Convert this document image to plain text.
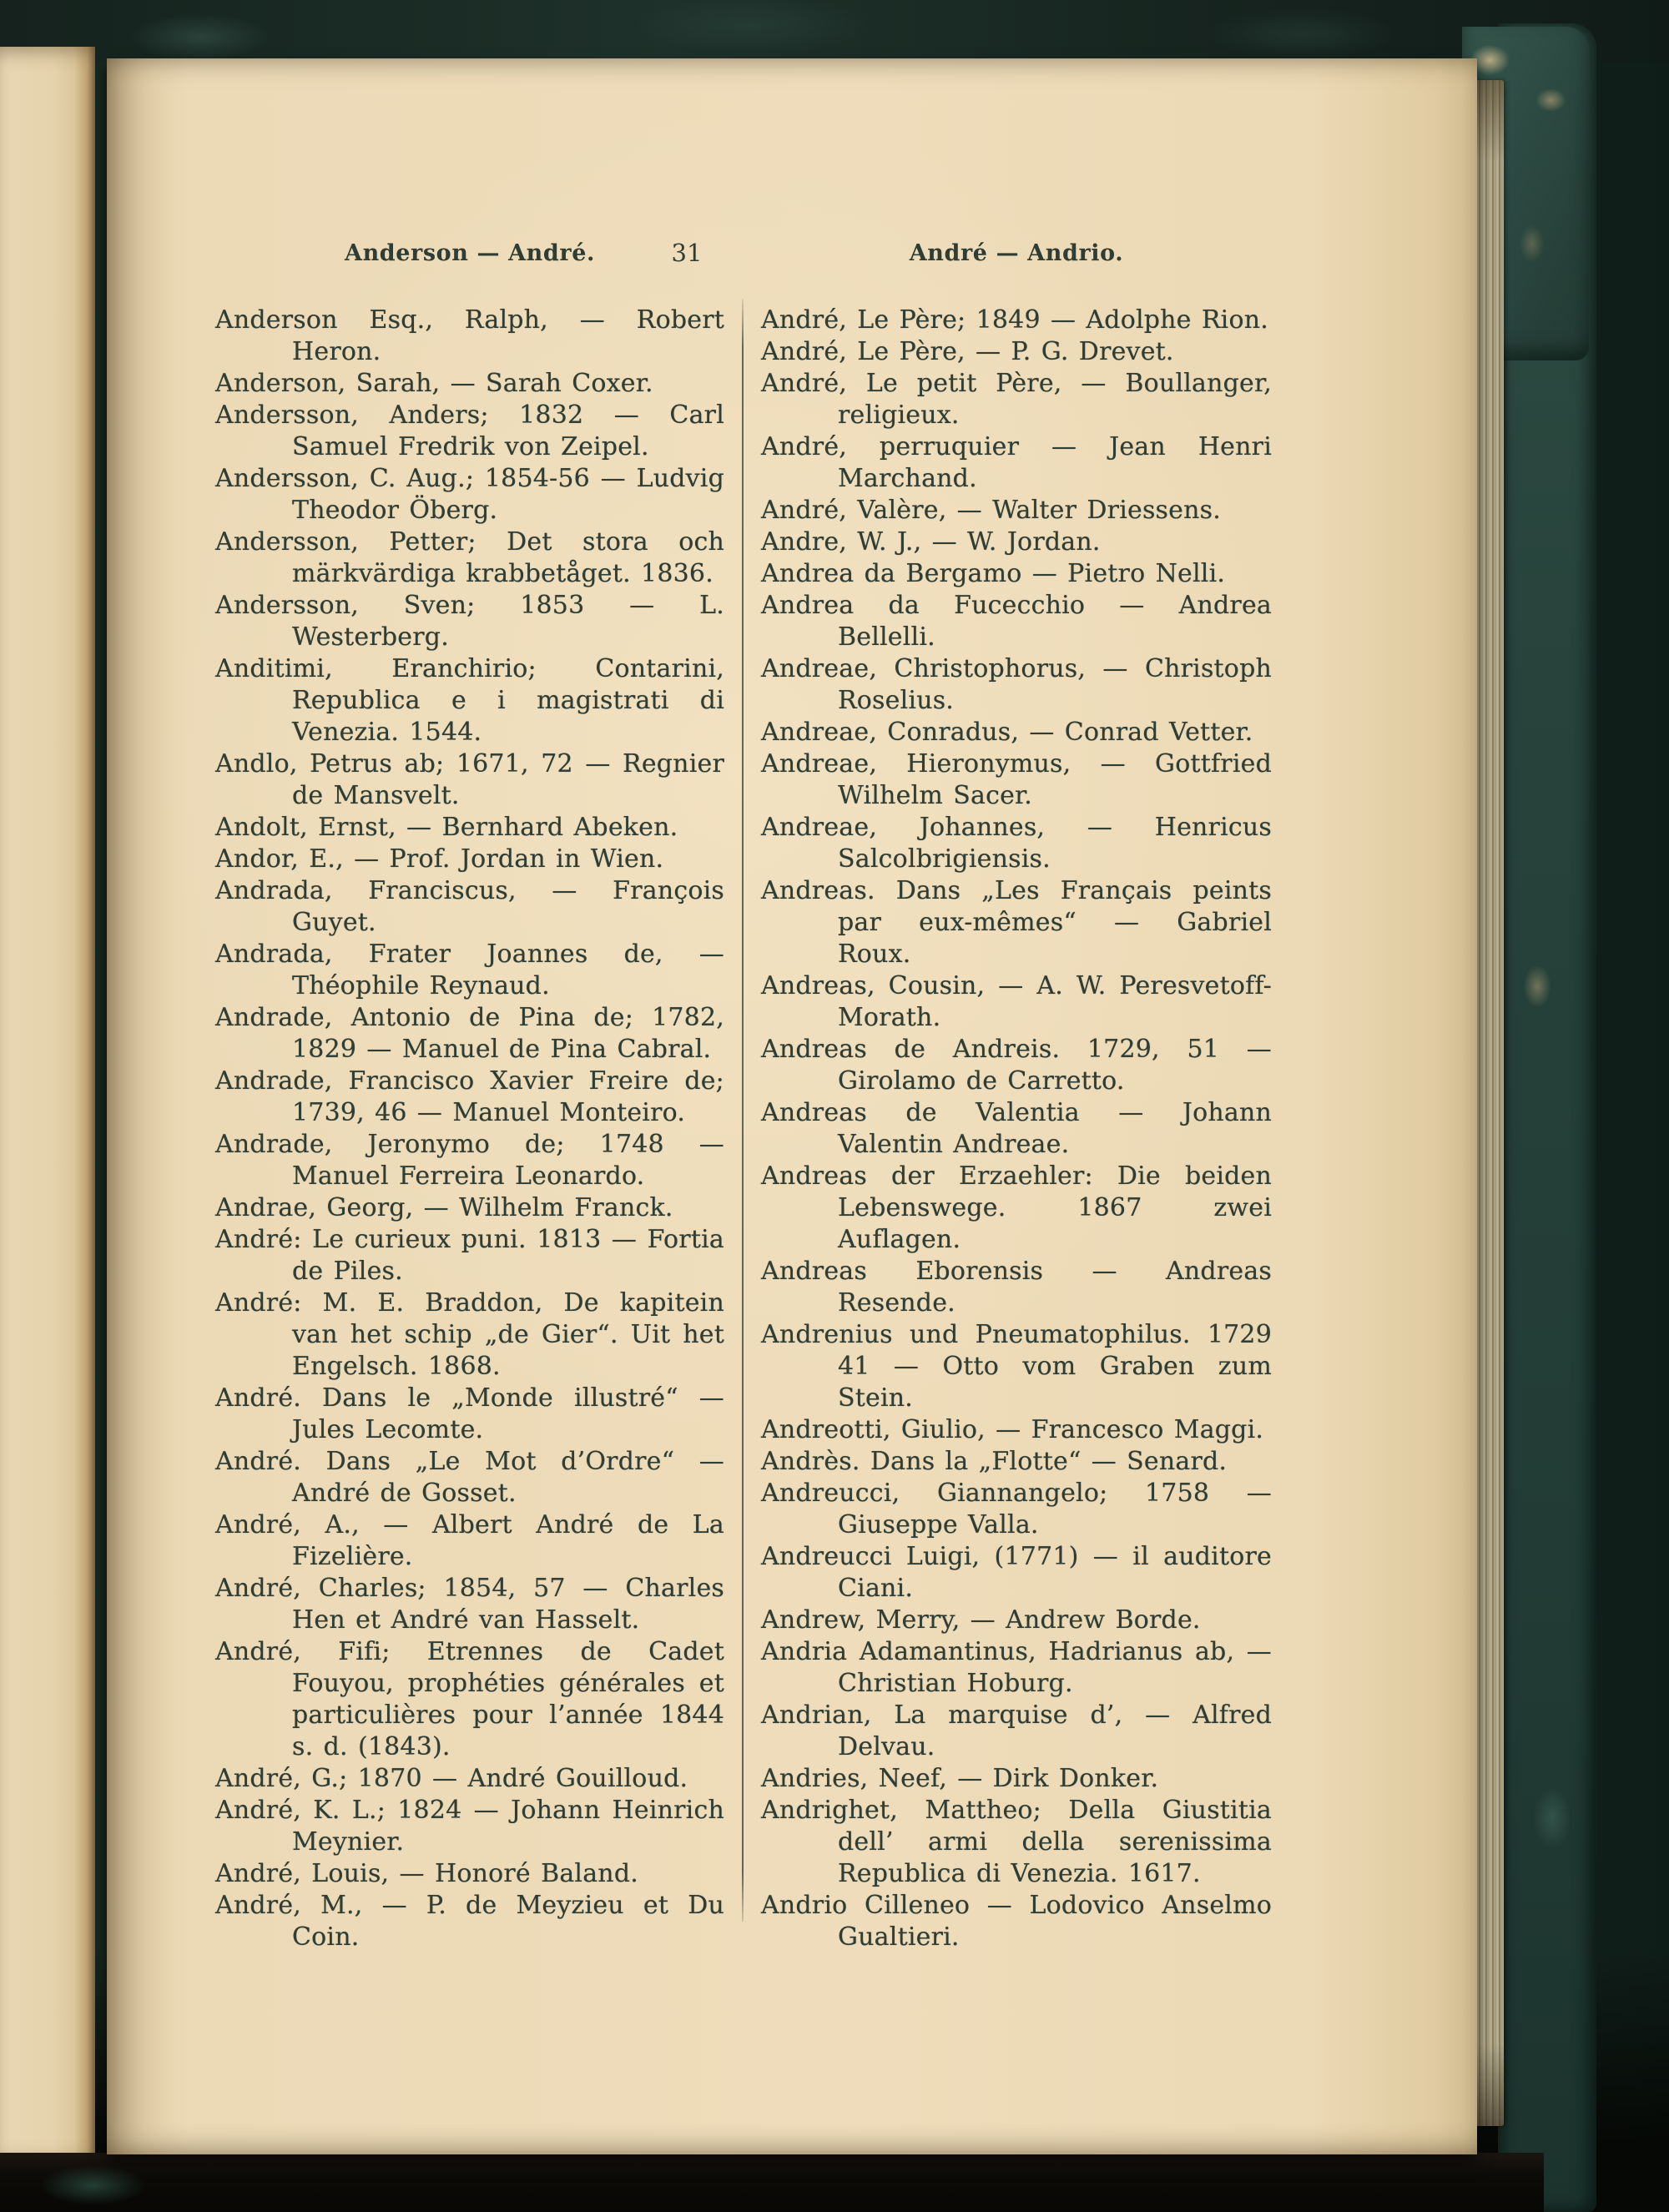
Anderson — André.	31	André — Andrio.

Anderson Esq., Ralph, — Robert Heron.

Anderson, Sarah, — Sarah Coxer.

Andersson, Anders; 1832 — Carl Samuel Fredrik von Zeipel.

Andersson, C. Aug.; 1854-56 — Ludvig Theodor Öberg.

Andersson, Petter; Det stora och märkvärdiga krabbetåget. 1836.

Andersson, Sven; 1853 — L. Westerberg.

Anditimi, Eranchirio; Contarini, Republica e i magistrati di Venezia. 1544.

Andlo, Petrus ab; 1671, 72 — Regnier de Mansvelt.

Andolt, Ernst, — Bernhard Abeken.

Andor, E., — Prof. Jordan in Wien.

Andrada, Franciscus, — François Guyet.

Andrada, Frater Joannes de, — Théophile Reynaud.

Andrade, Antonio de Pina de; 1782, 1829 — Manuel de Pina Cabral.

Andrade, Francisco Xavier Freire de; 1739, 46 — Manuel Monteiro.

Andrade, Jeronymo de; 1748 — Manuel Ferreira Leonardo.

Andrae, Georg, — Wilhelm Franck.

André: Le curieux puni. 1813 — Fortia de Piles.

André: M. E. Braddon, De kapitein van het schip „de Gier“. Uit het Engelsch. 1868.

André. Dans le „Monde illustré“ — Jules Lecomte.

André. Dans „Le Mot d’Ordre“ — André de Gosset.

André, A., — Albert André de La Fizelière.

André, Charles; 1854, 57 — Charles Hen et André van Hasselt.

André, Fifi; Etrennes de Cadet Fouyou, prophéties générales et particulières pour l’année 1844 s. d. (1843).

André, G.; 1870 — André Gouilloud.

André, K. L.; 1824 — Johann Heinrich Meynier.

André, Louis, — Honoré Baland.

André, M., — P. de Meyzieu et Du Coin.

André, Le Père; 1849 — Adolphe Rion.

André, Le Père, — P. G. Drevet.

André, Le petit Père, — Boullanger, religieux.

André, perruquier — Jean Henri Marchand.

André, Valère, — Walter Driessens.

Andre, W. J., — W. Jordan.

Andrea da Bergamo — Pietro Nelli.

Andrea da Fucecchio — Andrea Bellelli.

Andreae, Christophorus, — Christoph Roselius.

Andreae, Conradus, — Conrad Vetter.

Andreae, Hieronymus, — Gottfried Wilhelm Sacer.

Andreae, Johannes, — Henricus Salcolbrigiensis.

Andreas. Dans „Les Français peints par eux-mêmes“ — Gabriel Roux.

Andreas, Cousin, — A. W. Peresvetoff-Morath.

Andreas de Andreis. 1729, 51 — Girolamo de Carretto.

Andreas de Valentia — Johann Valentin Andreae.

Andreas der Erzaehler: Die beiden Lebenswege. 1867 zwei Auflagen.

Andreas Eborensis — Andreas Resende.

Andrenius und Pneumatophilus. 1729 41 — Otto vom Graben zum Stein.

Andreotti, Giulio, — Francesco Maggi.

Andrès. Dans la „Flotte“ — Senard.

Andreucci, Giannangelo; 1758 — Giuseppe Valla.

Andreucci Luigi, (1771) — il auditore Ciani.

Andrew, Merry, — Andrew Borde.

Andria Adamantinus, Hadrianus ab, — Christian Hoburg.

Andrian, La marquise d’, — Alfred Delvau.

Andries, Neef, — Dirk Donker.

Andrighet, Mattheo; Della Giustitia dell’ armi della serenissima Republica di Venezia. 1617.

Andrio Cilleneo — Lodovico Anselmo Gualtieri.
